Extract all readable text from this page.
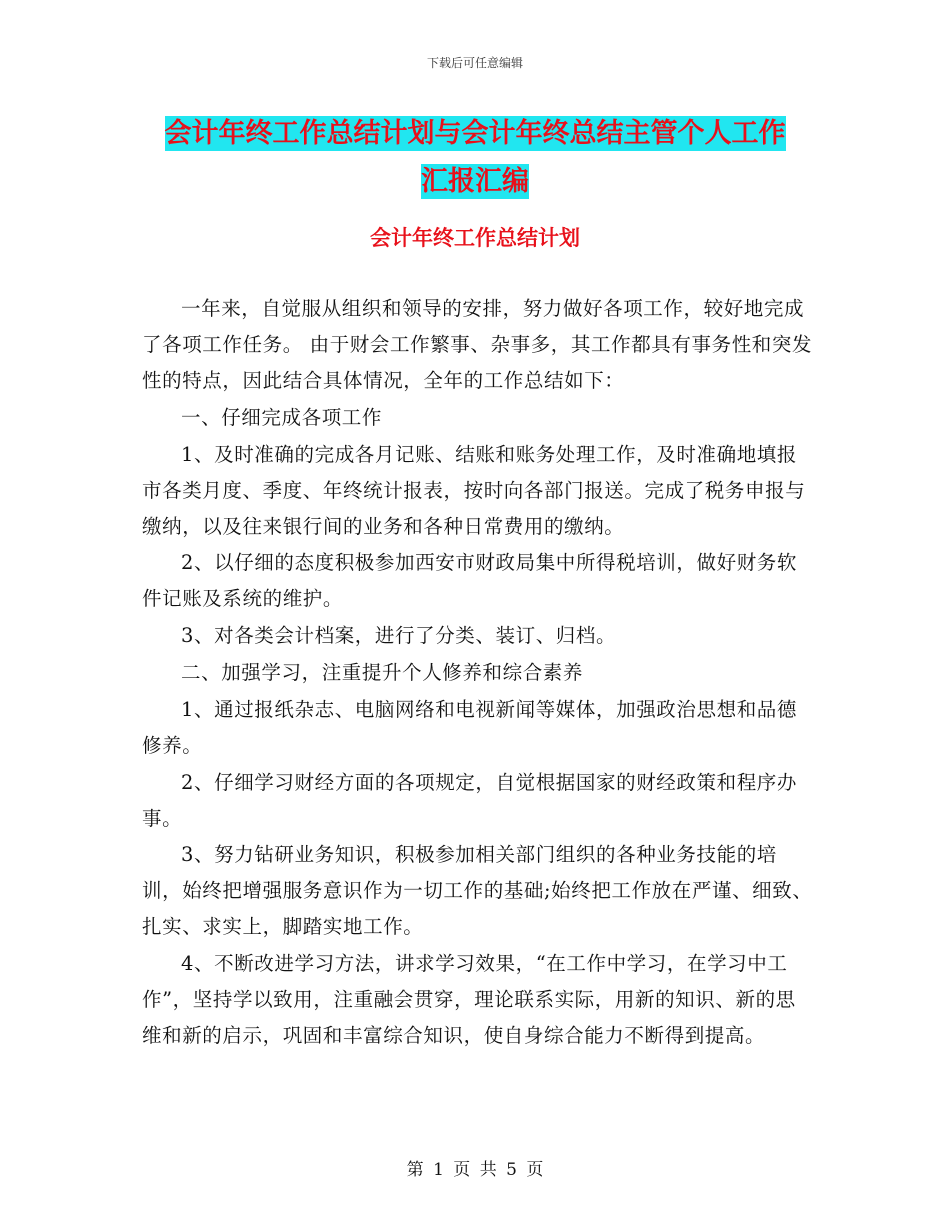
下载后可任意编辑
会计年终工作总结计划与会计年终总结主管个人工作
汇报汇编
会计年终工作总结计划

一年来，自觉服从组织和领导的安排，努力做好各项工作，较好地完成了各项工作任务。 由于财会工作繁事、杂事多，其工作都具有事务性和突发性的特点，因此结合具体情况，全年的工作总结如下：

一、仔细完成各项工作

1、及时准确的完成各月记账、结账和账务处理工作，及时准确地填报市各类月度、季度、年终统计报表，按时向各部门报送。完成了税务申报与缴纳，以及往来银行间的业务和各种日常费用的缴纳。

2、以仔细的态度积极参加西安市财政局集中所得税培训，做好财务软件记账及系统的维护。

3、对各类会计档案，进行了分类、装订、归档。

二、加强学习，注重提升个人修养和综合素养

1、通过报纸杂志、电脑网络和电视新闻等媒体，加强政治思想和品德修养。

2、仔细学习财经方面的各项规定，自觉根据国家的财经政策和程序办事。

3、努力钻研业务知识，积极参加相关部门组织的各种业务技能的培训，始终把增强服务意识作为一切工作的基础;始终把工作放在严谨、细致、扎实、求实上，脚踏实地工作。

4、不断改进学习方法，讲求学习效果，“在工作中学习，在学习中工作”，坚持学以致用，注重融会贯穿，理论联系实际，用新的知识、新的思维和新的启示，巩固和丰富综合知识，使自身综合能力不断得到提高。

第 1 页 共 5 页
